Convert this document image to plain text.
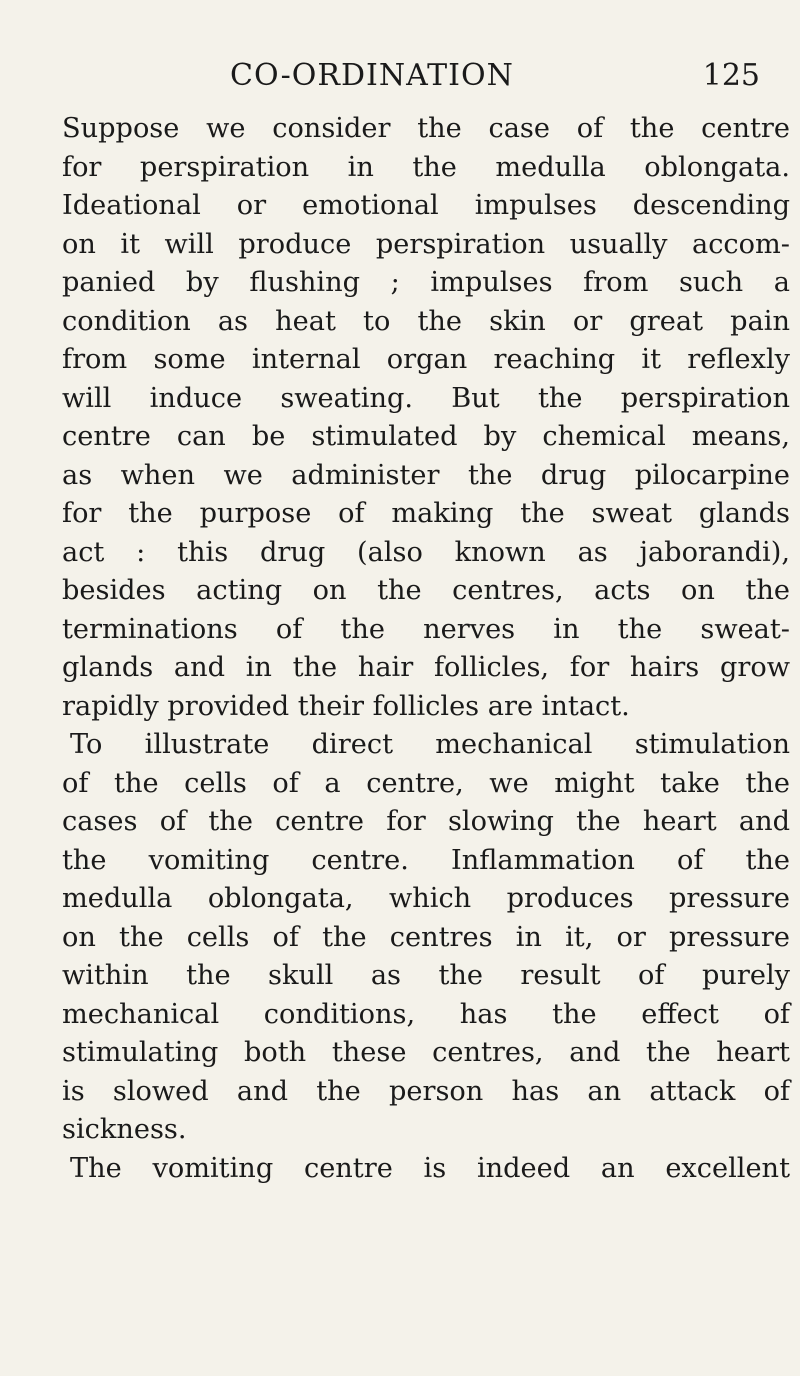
CO-ORDINATION	125
Suppose we consider the case of the centre
for perspiration in the medulla oblongata.
Ideational or emotional impulses descending
on it will produce perspiration usually accom-
panied by flushing ; impulses from such a
condition as heat to the skin or great pain
from some internal organ reaching it reflexly
will induce sweating. But the perspiration
centre can be stimulated by chemical means,
as when we administer the drug pilocarpine
for the purpose of making the sweat glands
act : this drug (also known as jaborandi),
besides acting on the centres, acts on the
terminations of the nerves in the sweat-
glands and in the hair follicles, for hairs grow
rapidly provided their follicles are intact.
To illustrate direct mechanical stimulation
of the cells of a centre, we might take the
cases of the centre for slowing the heart and
the vomiting centre. Inflammation of the
medulla oblongata, which produces pressure
on the cells of the centres in it, or pressure
within the skull as the result of purely
mechanical conditions, has the effect of
stimulating both these centres, and the heart
is slowed and the person has an attack of
sickness.
The vomiting centre is indeed an excellent
